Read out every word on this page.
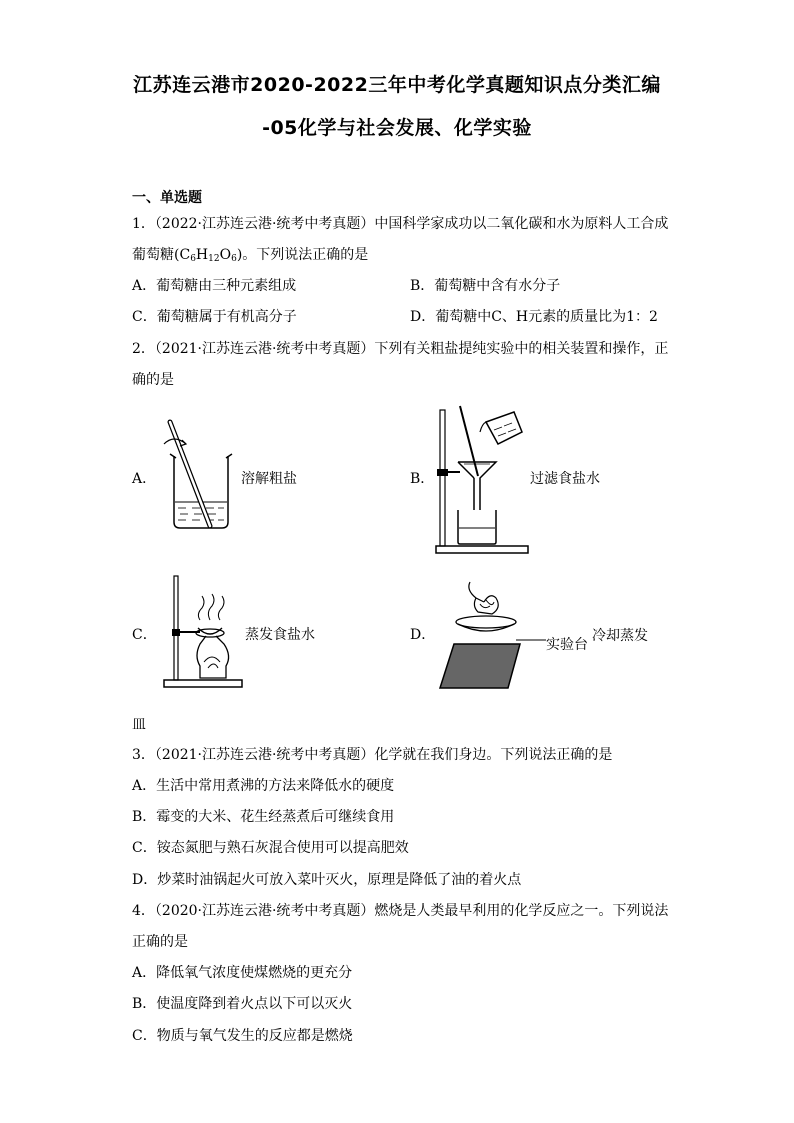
江苏连云港市2020-2022三年中考化学真题知识点分类汇编
-05化学与社会发展、化学实验
一、单选题
1．（2022·江苏连云港·统考中考真题）中国科学家成功以二氧化碳和水为原料人工合成
葡萄糖$(C_6H_{12}O_6)$。下列说法正确的是
A．葡萄糖由三种元素组成	B．葡萄糖中含有水分子
C．葡萄糖属于有机高分子	D．葡萄糖中C、H元素的质量比为1：2
2．（2021·江苏连云港·统考中考真题）下列有关粗盐提纯实验中的相关装置和操作，正
确的是
A．	溶解粗盐	B．	过滤食盐水
C．	蒸发食盐水	D．
实验台
冷却蒸发
皿
3．（2021·江苏连云港·统考中考真题）化学就在我们身边。下列说法正确的是
A．生活中常用煮沸的方法来降低水的硬度
B．霉变的大米、花生经蒸煮后可继续食用
C．铵态氮肥与熟石灰混合使用可以提高肥效
D．炒菜时油锅起火可放入菜叶灭火，原理是降低了油的着火点
4．（2020·江苏连云港·统考中考真题）燃烧是人类最早利用的化学反应之一。下列说法
正确的是
A．降低氧气浓度使煤燃烧的更充分
B．使温度降到着火点以下可以灭火
C．物质与氧气发生的反应都是燃烧
